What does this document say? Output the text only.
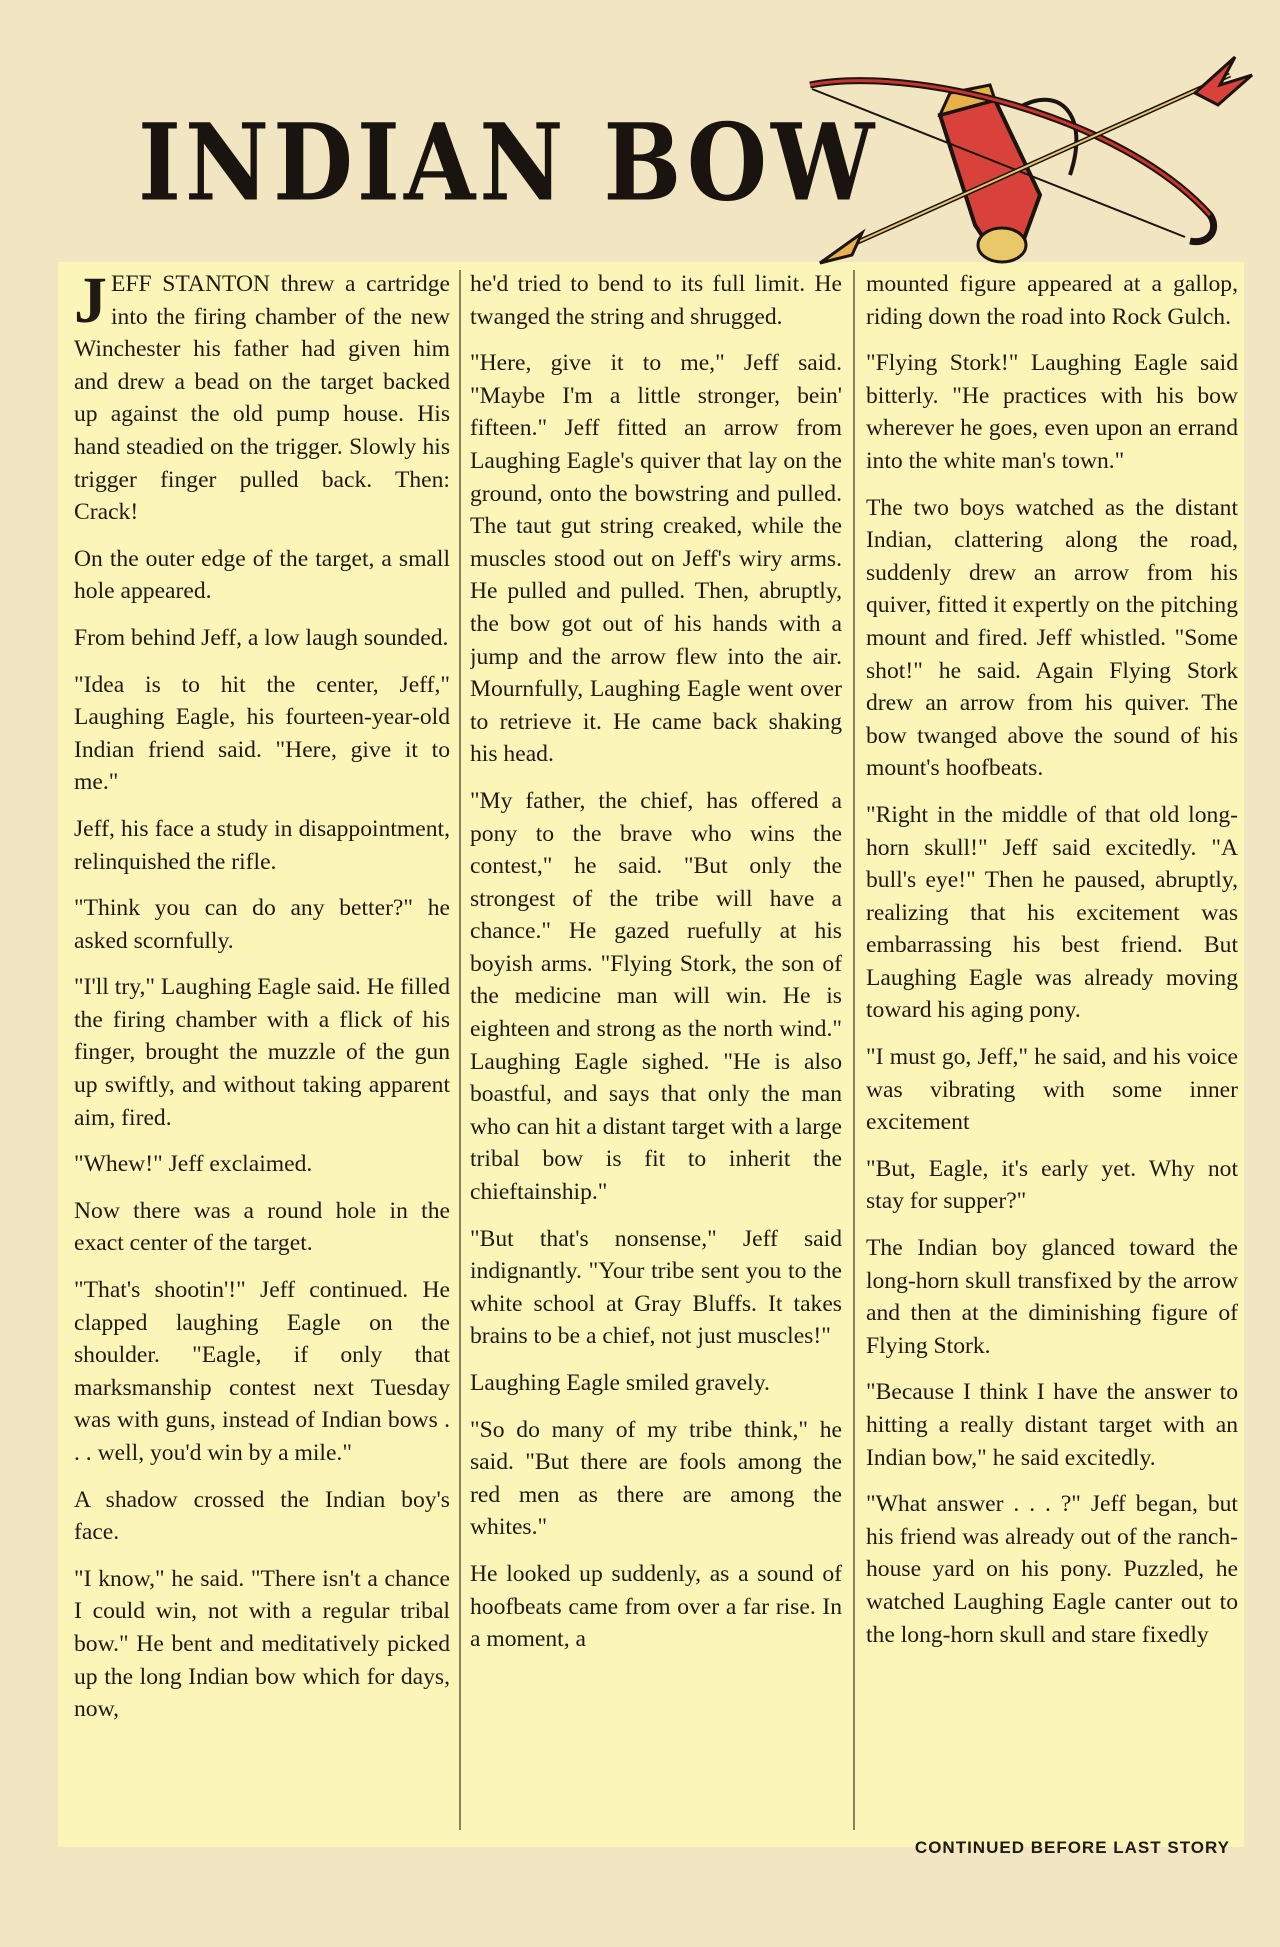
INDIAN BOW

JEFF STANTON threw a cartridge into the firing chamber of the new Winchester his father had given him and drew a bead on the target backed up against the old pump house. His hand steadied on the trigger. Slowly his trigger finger pulled back. Then: Crack!

On the outer edge of the target, a small hole appeared.

From behind Jeff, a low laugh sounded.

"Idea is to hit the center, Jeff," Laughing Eagle, his fourteen-year-old Indian friend said. "Here, give it to me."

Jeff, his face a study in disappointment, relinquished the rifle.

"Think you can do any better?" he asked scornfully.

"I'll try," Laughing Eagle said. He filled the firing chamber with a flick of his finger, brought the muzzle of the gun up swiftly, and without taking apparent aim, fired.

"Whew!" Jeff exclaimed.

Now there was a round hole in the exact center of the target.

"That's shootin'!" Jeff continued. He clapped laughing Eagle on the shoulder. "Eagle, if only that marksmanship contest next Tuesday was with guns, instead of Indian bows . . . well, you'd win by a mile."

A shadow crossed the Indian boy's face.

"I know," he said. "There isn't a chance I could win, not with a regular tribal bow." He bent and meditatively picked up the long Indian bow which for days, now,

he'd tried to bend to its full limit. He twanged the string and shrugged.

"Here, give it to me," Jeff said. "Maybe I'm a little stronger, bein' fifteen." Jeff fitted an arrow from Laughing Eagle's quiver that lay on the ground, onto the bowstring and pulled. The taut gut string creaked, while the muscles stood out on Jeff's wiry arms. He pulled and pulled. Then, abruptly, the bow got out of his hands with a jump and the arrow flew into the air. Mournfully, Laughing Eagle went over to retrieve it. He came back shaking his head.

"My father, the chief, has offered a pony to the brave who wins the contest," he said. "But only the strongest of the tribe will have a chance." He gazed ruefully at his boyish arms. "Flying Stork, the son of the medicine man will win. He is eighteen and strong as the north wind." Laughing Eagle sighed. "He is also boastful, and says that only the man who can hit a distant target with a large tribal bow is fit to inherit the chieftainship."

"But that's nonsense," Jeff said indignantly. "Your tribe sent you to the white school at Gray Bluffs. It takes brains to be a chief, not just muscles!"

Laughing Eagle smiled gravely.

"So do many of my tribe think," he said. "But there are fools among the red men as there are among the whites."

He looked up suddenly, as a sound of hoofbeats came from over a far rise. In a moment, a

mounted figure appeared at a gallop, riding down the road into Rock Gulch.

"Flying Stork!" Laughing Eagle said bitterly. "He practices with his bow wherever he goes, even upon an errand into the white man's town."

The two boys watched as the distant Indian, clattering along the road, suddenly drew an arrow from his quiver, fitted it expertly on the pitching mount and fired. Jeff whistled. "Some shot!" he said. Again Flying Stork drew an arrow from his quiver. The bow twanged above the sound of his mount's hoofbeats.

"Right in the middle of that old long-horn skull!" Jeff said excitedly. "A bull's eye!" Then he paused, abruptly, realizing that his excitement was embarrassing his best friend. But Laughing Eagle was already moving toward his aging pony.

"I must go, Jeff," he said, and his voice was vibrating with some inner excitement

"But, Eagle, it's early yet. Why not stay for supper?"

The Indian boy glanced toward the long-horn skull transfixed by the arrow and then at the diminishing figure of Flying Stork.

"Because I think I have the answer to hitting a really distant target with an Indian bow," he said excitedly.

"What answer . . . ?" Jeff began, but his friend was already out of the ranch-house yard on his pony. Puzzled, he watched Laughing Eagle canter out to the long-horn skull and stare fixedly

CONTINUED BEFORE LAST STORY
